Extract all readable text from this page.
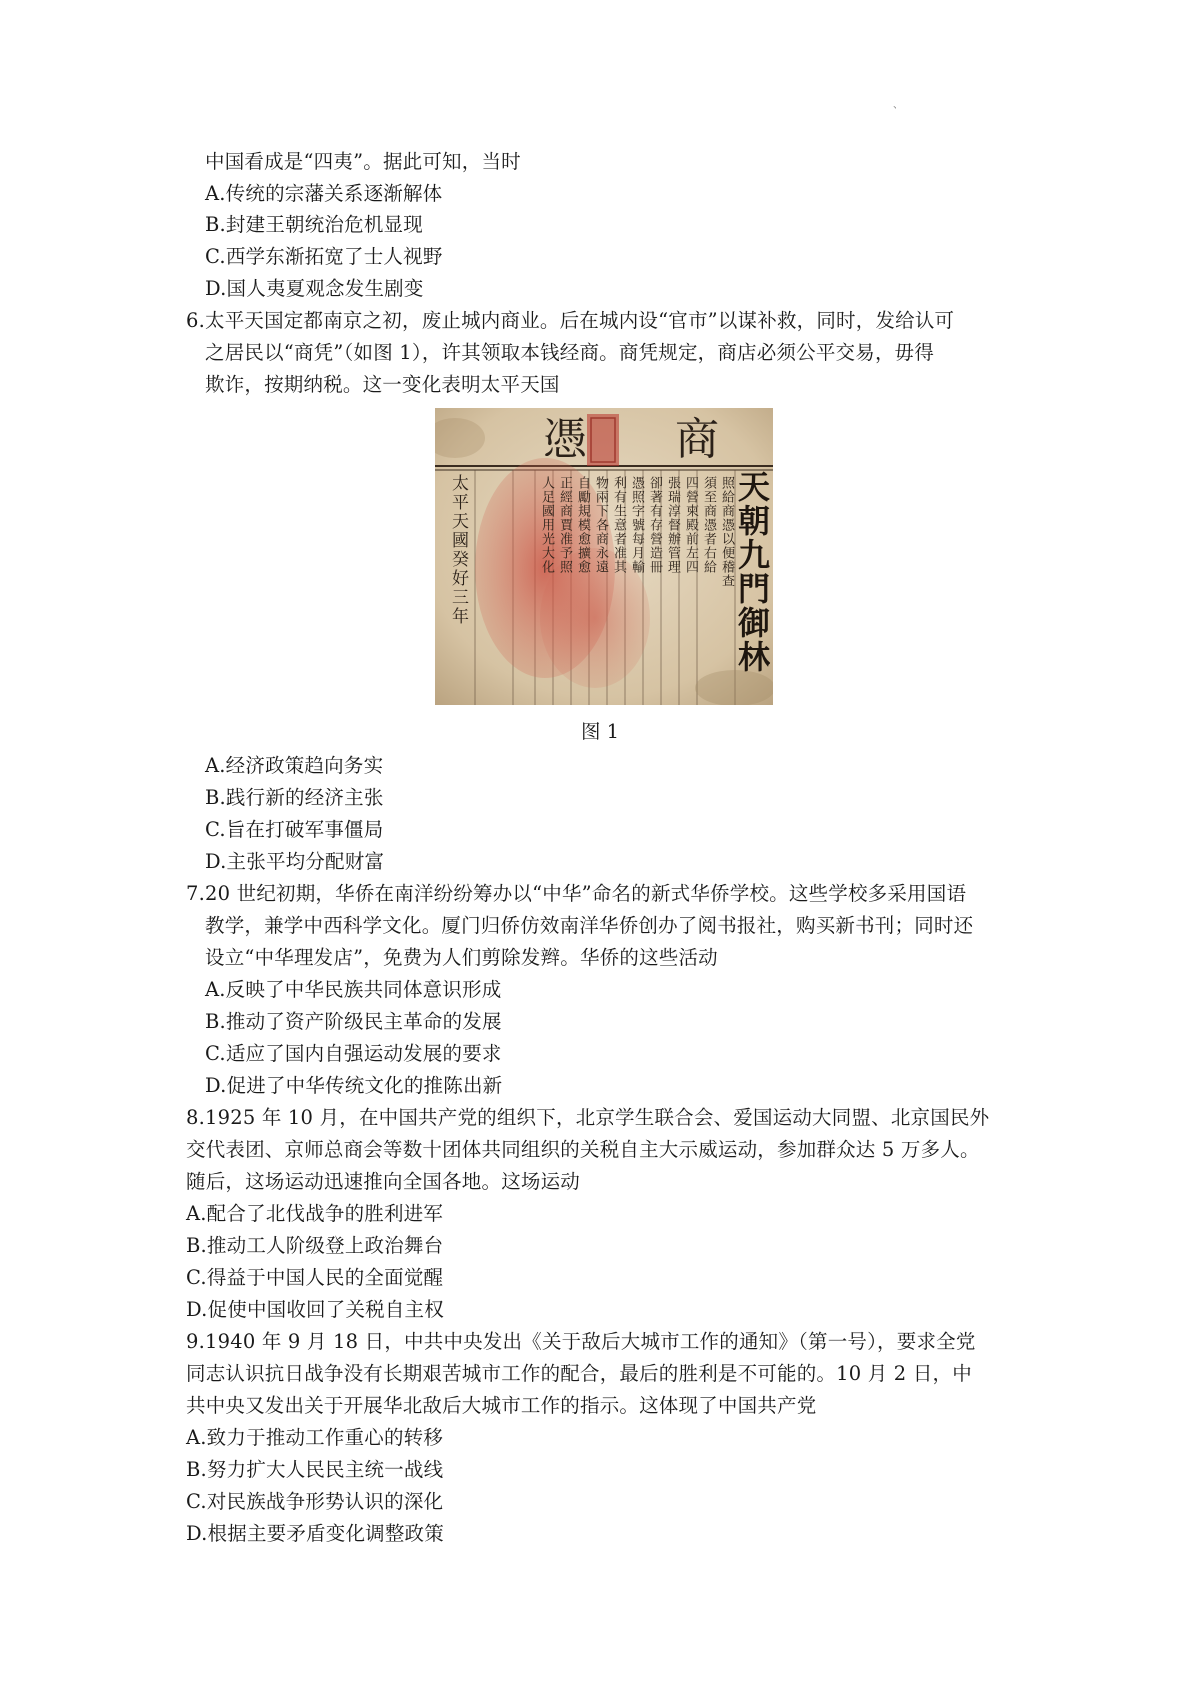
、
中国看成是“四夷”。据此可知，当时
A.传统的宗藩关系逐渐解体
B.封建王朝统治危机显现
C.西学东渐拓宽了士人视野
D.国人夷夏观念发生剧变
6.太平天国定都南京之初，废止城内商业。后在城内设“官市”以谋补救，同时，发给认可
之居民以“商凭”（如图 1），许其领取本钱经商。商凭规定，商店必须公平交易，毋得
欺诈，按期纳税。这一变化表明太平天国
A.经济政策趋向务实
B.践行新的经济主张
C.旨在打破军事僵局
D.主张平均分配财富
7.20 世纪初期，华侨在南洋纷纷筹办以“中华”命名的新式华侨学校。这些学校多采用国语
教学，兼学中西科学文化。厦门归侨仿效南洋华侨创办了阅书报社，购买新书刊；同时还
设立“中华理发店”，免费为人们剪除发辫。华侨的这些活动
A.反映了中华民族共同体意识形成
B.推动了资产阶级民主革命的发展
C.适应了国内自强运动发展的要求
D.促进了中华传统文化的推陈出新
8.1925 年 10 月，在中国共产党的组织下，北京学生联合会、爱国运动大同盟、北京国民外
交代表团、京师总商会等数十团体共同组织的关税自主大示威运动，参加群众达 5 万多人。
随后，这场运动迅速推向全国各地。这场运动
A.配合了北伐战争的胜利进军
B.推动工人阶级登上政治舞台
C.得益于中国人民的全面觉醒
D.促使中国收回了关税自主权
9.1940 年 9 月 18 日，中共中央发出《关于敌后大城市工作的通知》（第一号），要求全党
同志认识抗日战争没有长期艰苦城市工作的配合，最后的胜利是不可能的。10 月 2 日，中
共中央又发出关于开展华北敌后大城市工作的指示。这体现了中国共产党
A.致力于推动工作重心的转移
B.努力扩大人民民主统一战线
C.对民族战争形势认识的深化
D.根据主要矛盾变化调整政策
憑 商
天朝九門御林
太平天國癸好三年	照給商憑以便稽查
須至商憑者右給
四營柬殿前左四
張瑞淳督辦管理
卻著有存營造冊
憑照字號每月輸
利有生意者准其
物兩下各商永遠
自勵規模愈擴愈
正經商賈准予照
人足國用光大化
图 1
